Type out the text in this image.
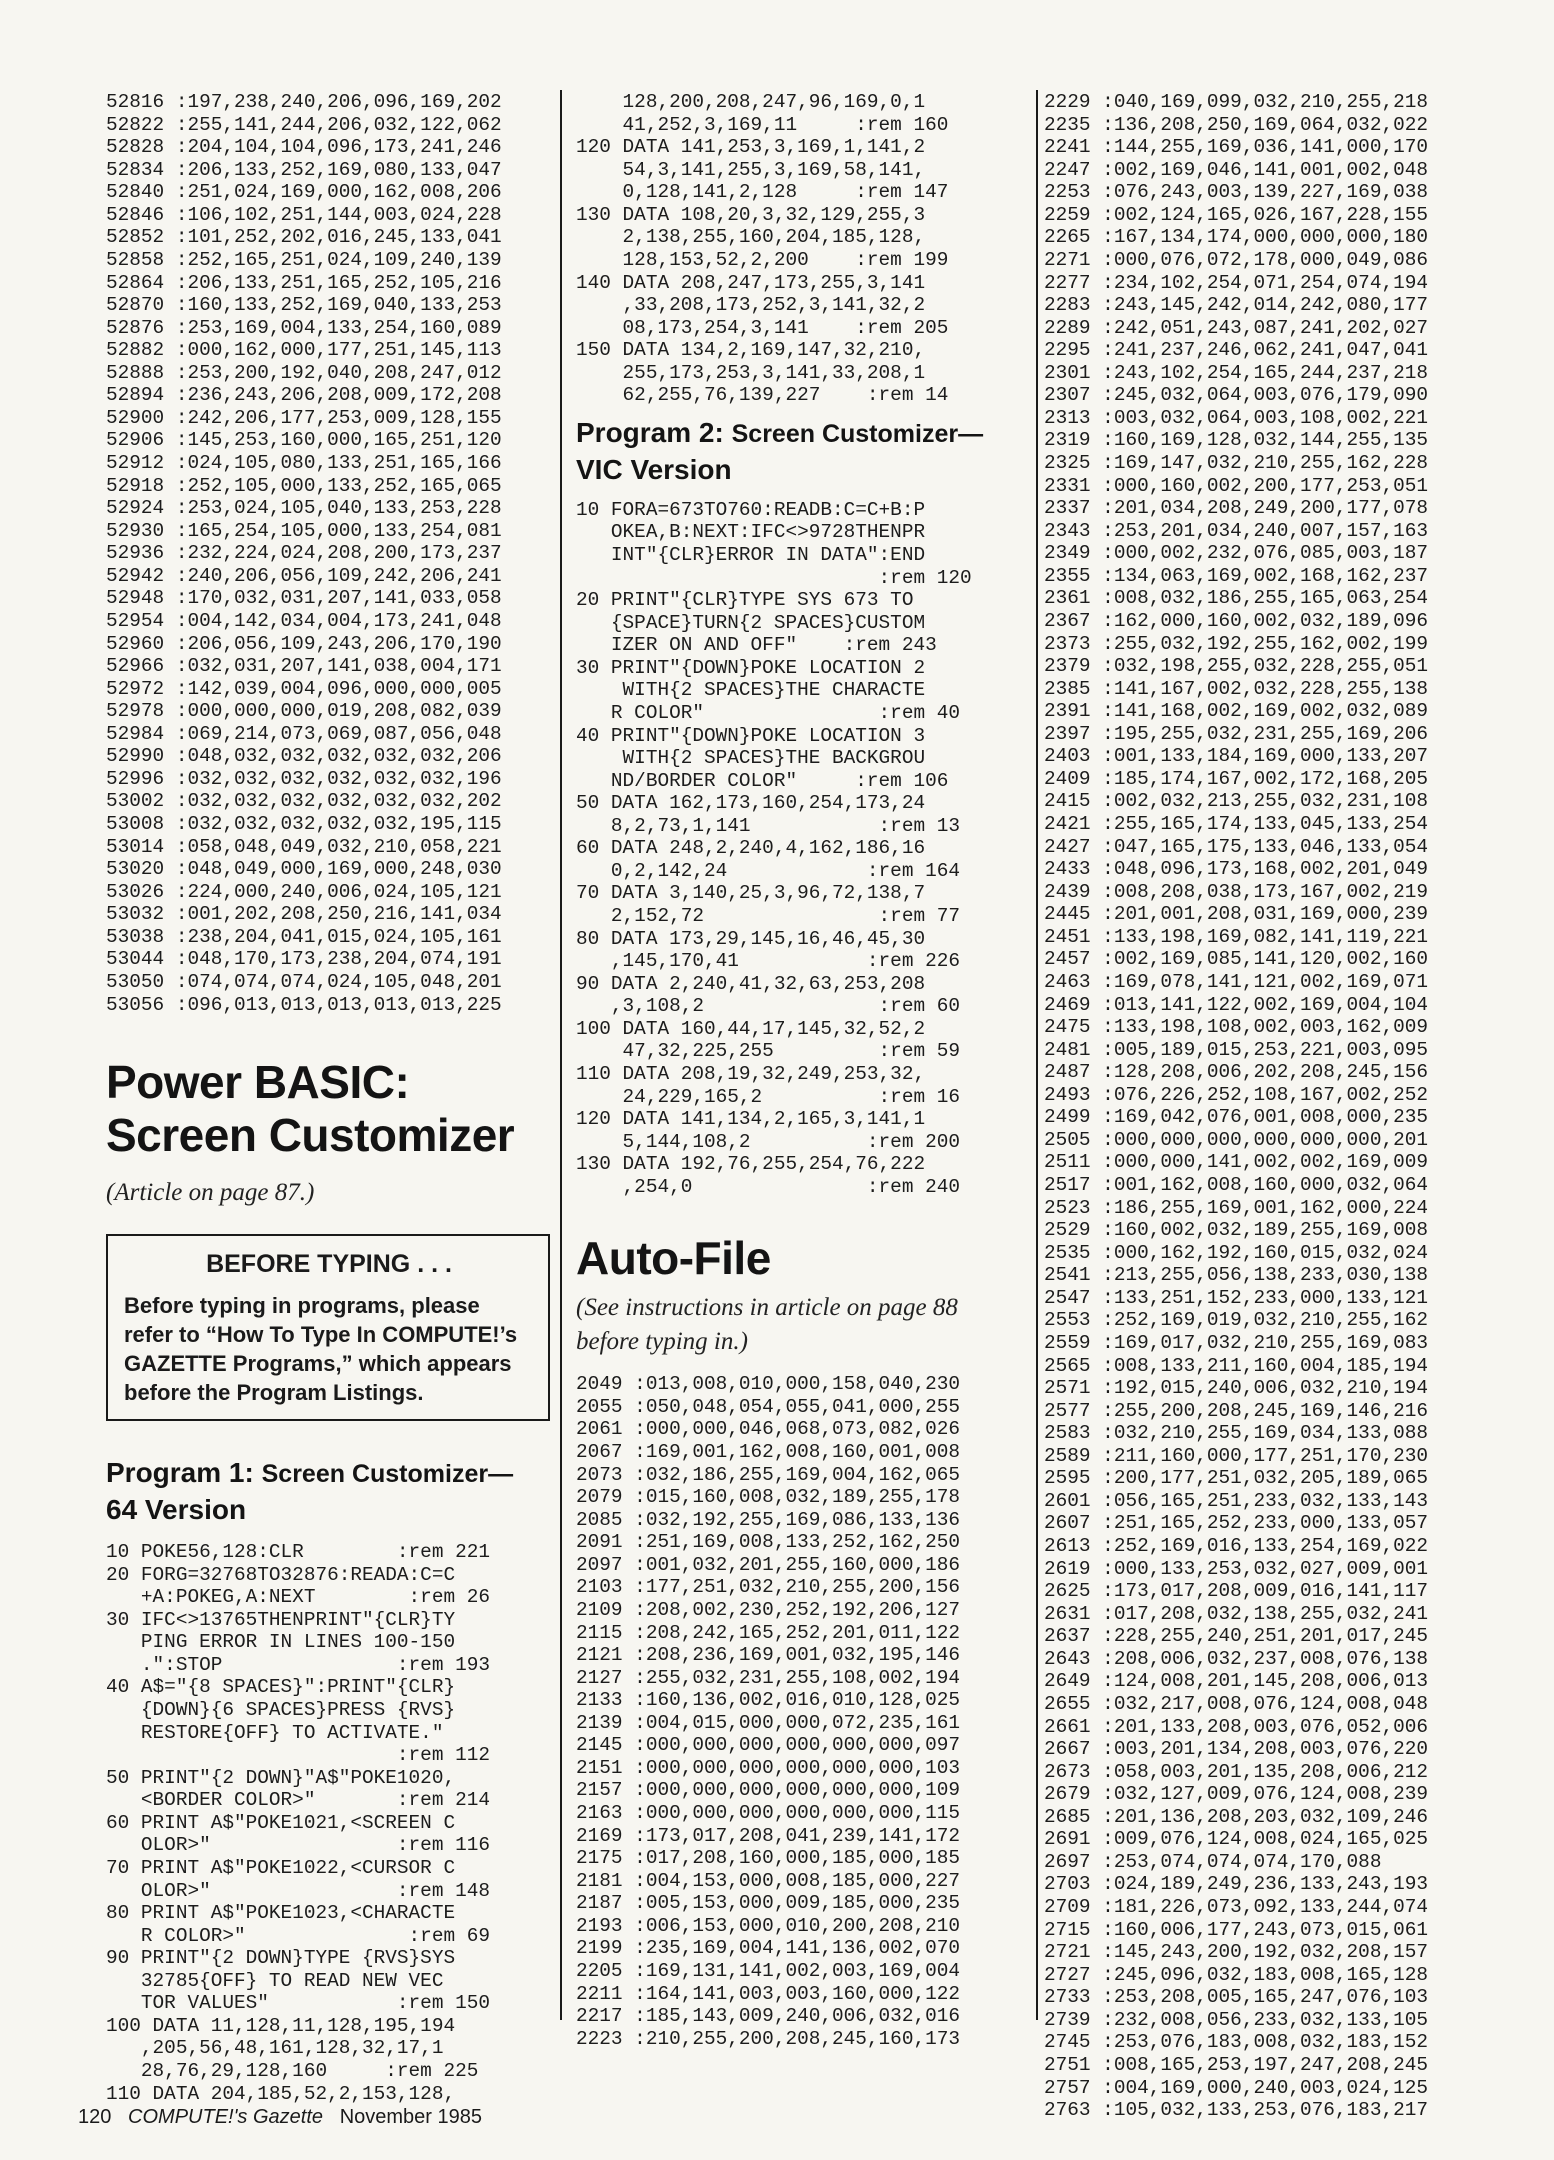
52816 :197,238,240,206,096,169,202
52822 :255,141,244,206,032,122,062
52828 :204,104,104,096,173,241,246
52834 :206,133,252,169,080,133,047
52840 :251,024,169,000,162,008,206
52846 :106,102,251,144,003,024,228
52852 :101,252,202,016,245,133,041
52858 :252,165,251,024,109,240,139
52864 :206,133,251,165,252,105,216
52870 :160,133,252,169,040,133,253
52876 :253,169,004,133,254,160,089
52882 :000,162,000,177,251,145,113
52888 :253,200,192,040,208,247,012
52894 :236,243,206,208,009,172,208
52900 :242,206,177,253,009,128,155
52906 :145,253,160,000,165,251,120
52912 :024,105,080,133,251,165,166
52918 :252,105,000,133,252,165,065
52924 :253,024,105,040,133,253,228
52930 :165,254,105,000,133,254,081
52936 :232,224,024,208,200,173,237
52942 :240,206,056,109,242,206,241
52948 :170,032,031,207,141,033,058
52954 :004,142,034,004,173,241,048
52960 :206,056,109,243,206,170,190
52966 :032,031,207,141,038,004,171
52972 :142,039,004,096,000,000,005
52978 :000,000,000,019,208,082,039
52984 :069,214,073,069,087,056,048
52990 :048,032,032,032,032,032,206
52996 :032,032,032,032,032,032,196
53002 :032,032,032,032,032,032,202
53008 :032,032,032,032,032,195,115
53014 :058,048,049,032,210,058,221
53020 :048,049,000,169,000,248,030
53026 :224,000,240,006,024,105,121
53032 :001,202,208,250,216,141,034
53038 :238,204,041,015,024,105,161
53044 :048,170,173,238,204,074,191
53050 :074,074,074,024,105,048,201
53056 :096,013,013,013,013,013,225
Power BASIC:
Screen Customizer
(Article on page 87.)
BEFORE TYPING . . .
Before typing in programs, please refer to “How To Type In COMPUTE!’s GAZETTE Programs,” which appears before the Program Listings.
Program 1: Screen Customizer—
64 Version
10 POKE56,128:CLR        :rem 221
20 FORG=32768TO32876:READA:C=C
+A:POKEG,A:NEXT        :rem 26
30 IFC<>13765THENPRINT"{CLR}TY
PING ERROR IN LINES 100-150
.":STOP               :rem 193
40 A$="{8 SPACES}":PRINT"{CLR}
{DOWN}{6 SPACES}PRESS {RVS}
RESTORE{OFF} TO ACTIVATE."
:rem 112
50 PRINT"{2 DOWN}"A$"POKE1020,
<BORDER COLOR>"       :rem 214
60 PRINT A$"POKE1021,<SCREEN C
OLOR>"                :rem 116
70 PRINT A$"POKE1022,<CURSOR C
OLOR>"                :rem 148
80 PRINT A$"POKE1023,<CHARACTE
R COLOR>"              :rem 69
90 PRINT"{2 DOWN}TYPE {RVS}SYS
32785{OFF} TO READ NEW VEC
TOR VALUES"           :rem 150
100 DATA 11,128,11,128,195,194
,205,56,48,161,128,32,17,1
28,76,29,128,160     :rem 225
110 DATA 204,185,52,2,153,128,
128,200,208,247,96,169,0,1
41,252,3,169,11     :rem 160
120 DATA 141,253,3,169,1,141,2
54,3,141,255,3,169,58,141,
0,128,141,2,128     :rem 147
130 DATA 108,20,3,32,129,255,3
2,138,255,160,204,185,128,
128,153,52,2,200    :rem 199
140 DATA 208,247,173,255,3,141
,33,208,173,252,3,141,32,2
08,173,254,3,141    :rem 205
150 DATA 134,2,169,147,32,210,
255,173,253,3,141,33,208,1
62,255,76,139,227    :rem 14
Program 2: Screen Customizer—
VIC Version
10 FORA=673TO760:READB:C=C+B:P
OKEA,B:NEXT:IFC<>9728THENPR
INT"{CLR}ERROR IN DATA":END
:rem 120
20 PRINT"{CLR}TYPE SYS 673 TO
{SPACE}TURN{2 SPACES}CUSTOM
IZER ON AND OFF"    :rem 243
30 PRINT"{DOWN}POKE LOCATION 2
WITH{2 SPACES}THE CHARACTE
R COLOR"               :rem 40
40 PRINT"{DOWN}POKE LOCATION 3
WITH{2 SPACES}THE BACKGROU
ND/BORDER COLOR"     :rem 106
50 DATA 162,173,160,254,173,24
8,2,73,1,141           :rem 13
60 DATA 248,2,240,4,162,186,16
0,2,142,24            :rem 164
70 DATA 3,140,25,3,96,72,138,7
2,152,72               :rem 77
80 DATA 173,29,145,16,46,45,30
,145,170,41           :rem 226
90 DATA 2,240,41,32,63,253,208
,3,108,2               :rem 60
100 DATA 160,44,17,145,32,52,2
47,32,225,255         :rem 59
110 DATA 208,19,32,249,253,32,
24,229,165,2          :rem 16
120 DATA 141,134,2,165,3,141,1
5,144,108,2          :rem 200
130 DATA 192,76,255,254,76,222
,254,0               :rem 240
Auto-File
(See instructions in article on page 88 before typing in.)
2049 :013,008,010,000,158,040,230
2055 :050,048,054,055,041,000,255
2061 :000,000,046,068,073,082,026
2067 :169,001,162,008,160,001,008
2073 :032,186,255,169,004,162,065
2079 :015,160,008,032,189,255,178
2085 :032,192,255,169,086,133,136
2091 :251,169,008,133,252,162,250
2097 :001,032,201,255,160,000,186
2103 :177,251,032,210,255,200,156
2109 :208,002,230,252,192,206,127
2115 :208,242,165,252,201,011,122
2121 :208,236,169,001,032,195,146
2127 :255,032,231,255,108,002,194
2133 :160,136,002,016,010,128,025
2139 :004,015,000,000,072,235,161
2145 :000,000,000,000,000,000,097
2151 :000,000,000,000,000,000,103
2157 :000,000,000,000,000,000,109
2163 :000,000,000,000,000,000,115
2169 :173,017,208,041,239,141,172
2175 :017,208,160,000,185,000,185
2181 :004,153,000,008,185,000,227
2187 :005,153,000,009,185,000,235
2193 :006,153,000,010,200,208,210
2199 :235,169,004,141,136,002,070
2205 :169,131,141,002,003,169,004
2211 :164,141,003,003,160,000,122
2217 :185,143,009,240,006,032,016
2223 :210,255,200,208,245,160,173
2229 :040,169,099,032,210,255,218
2235 :136,208,250,169,064,032,022
2241 :144,255,169,036,141,000,170
2247 :002,169,046,141,001,002,048
2253 :076,243,003,139,227,169,038
2259 :002,124,165,026,167,228,155
2265 :167,134,174,000,000,000,180
2271 :000,076,072,178,000,049,086
2277 :234,102,254,071,254,074,194
2283 :243,145,242,014,242,080,177
2289 :242,051,243,087,241,202,027
2295 :241,237,246,062,241,047,041
2301 :243,102,254,165,244,237,218
2307 :245,032,064,003,076,179,090
2313 :003,032,064,003,108,002,221
2319 :160,169,128,032,144,255,135
2325 :169,147,032,210,255,162,228
2331 :000,160,002,200,177,253,051
2337 :201,034,208,249,200,177,078
2343 :253,201,034,240,007,157,163
2349 :000,002,232,076,085,003,187
2355 :134,063,169,002,168,162,237
2361 :008,032,186,255,165,063,254
2367 :162,000,160,002,032,189,096
2373 :255,032,192,255,162,002,199
2379 :032,198,255,032,228,255,051
2385 :141,167,002,032,228,255,138
2391 :141,168,002,169,002,032,089
2397 :195,255,032,231,255,169,206
2403 :001,133,184,169,000,133,207
2409 :185,174,167,002,172,168,205
2415 :002,032,213,255,032,231,108
2421 :255,165,174,133,045,133,254
2427 :047,165,175,133,046,133,054
2433 :048,096,173,168,002,201,049
2439 :008,208,038,173,167,002,219
2445 :201,001,208,031,169,000,239
2451 :133,198,169,082,141,119,221
2457 :002,169,085,141,120,002,160
2463 :169,078,141,121,002,169,071
2469 :013,141,122,002,169,004,104
2475 :133,198,108,002,003,162,009
2481 :005,189,015,253,221,003,095
2487 :128,208,006,202,208,245,156
2493 :076,226,252,108,167,002,252
2499 :169,042,076,001,008,000,235
2505 :000,000,000,000,000,000,201
2511 :000,000,141,002,002,169,009
2517 :001,162,008,160,000,032,064
2523 :186,255,169,001,162,000,224
2529 :160,002,032,189,255,169,008
2535 :000,162,192,160,015,032,024
2541 :213,255,056,138,233,030,138
2547 :133,251,152,233,000,133,121
2553 :252,169,019,032,210,255,162
2559 :169,017,032,210,255,169,083
2565 :008,133,211,160,004,185,194
2571 :192,015,240,006,032,210,194
2577 :255,200,208,245,169,146,216
2583 :032,210,255,169,034,133,088
2589 :211,160,000,177,251,170,230
2595 :200,177,251,032,205,189,065
2601 :056,165,251,233,032,133,143
2607 :251,165,252,233,000,133,057
2613 :252,169,016,133,254,169,022
2619 :000,133,253,032,027,009,001
2625 :173,017,208,009,016,141,117
2631 :017,208,032,138,255,032,241
2637 :228,255,240,251,201,017,245
2643 :208,006,032,237,008,076,138
2649 :124,008,201,145,208,006,013
2655 :032,217,008,076,124,008,048
2661 :201,133,208,003,076,052,006
2667 :003,201,134,208,003,076,220
2673 :058,003,201,135,208,006,212
2679 :032,127,009,076,124,008,239
2685 :201,136,208,203,032,109,246
2691 :009,076,124,008,024,165,025
2697 :253,074,074,074,170,088
2703 :024,189,249,236,133,243,193
2709 :181,226,073,092,133,244,074
2715 :160,006,177,243,073,015,061
2721 :145,243,200,192,032,208,157
2727 :245,096,032,183,008,165,128
2733 :253,208,005,165,247,076,103
2739 :232,008,056,233,032,133,105
2745 :253,076,183,008,032,183,152
2751 :008,165,253,197,247,208,245
2757 :004,169,000,240,003,024,125
2763 :105,032,133,253,076,183,217
120 COMPUTE!'s Gazette November 1985
